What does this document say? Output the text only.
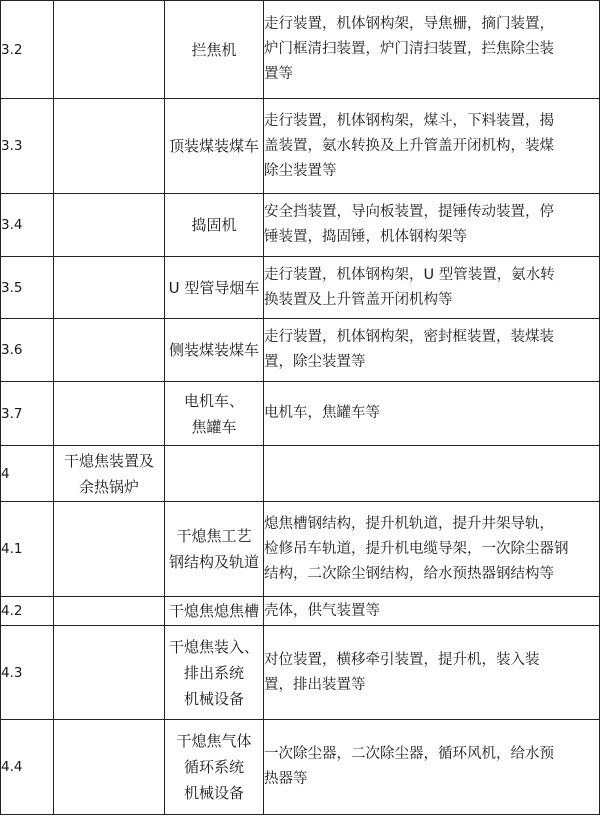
3.2		拦焦机	走行装置，机体钢构架，导焦栅，摘门装置，
炉门框清扫装置，炉门清扫装置，拦焦除尘装
置等

3.3		顶装煤装煤车	走行装置，机体钢构架，煤斗，下料装置，揭
盖装置，氨水转换及上升管盖开闭机构，装煤
除尘装置等

3.4		捣固机	安全挡装置，导向板装置，提锤传动装置，停
锤装置，捣固锤，机体钢构架等

3.5		U 型管导烟车	走行装置，机体钢构架，U 型管装置，氨水转
换装置及上升管盖开闭机构等

3.6		侧装煤装煤车	走行装置，机体钢构架，密封框装置，装煤装
置，除尘装置等

3.7		电机车、
焦罐车	电机车，焦罐车等

4	干熄焦装置及
余热锅炉		

4.1		干熄焦工艺
钢结构及轨道	熄焦槽钢结构，提升机轨道，提升井架导轨，
检修吊车轨道，提升机电缆导架，一次除尘器钢
结构，二次除尘钢结构，给水预热器钢结构等

4.2		干熄焦熄焦槽	壳体，供气装置等

4.3		干熄焦装入、
排出系统
机械设备	对位装置，横移牵引装置，提升机，装入装
置，排出装置等

4.4		干熄焦气体
循环系统
机械设备	一次除尘器，二次除尘器，循环风机，给水预
热器等
